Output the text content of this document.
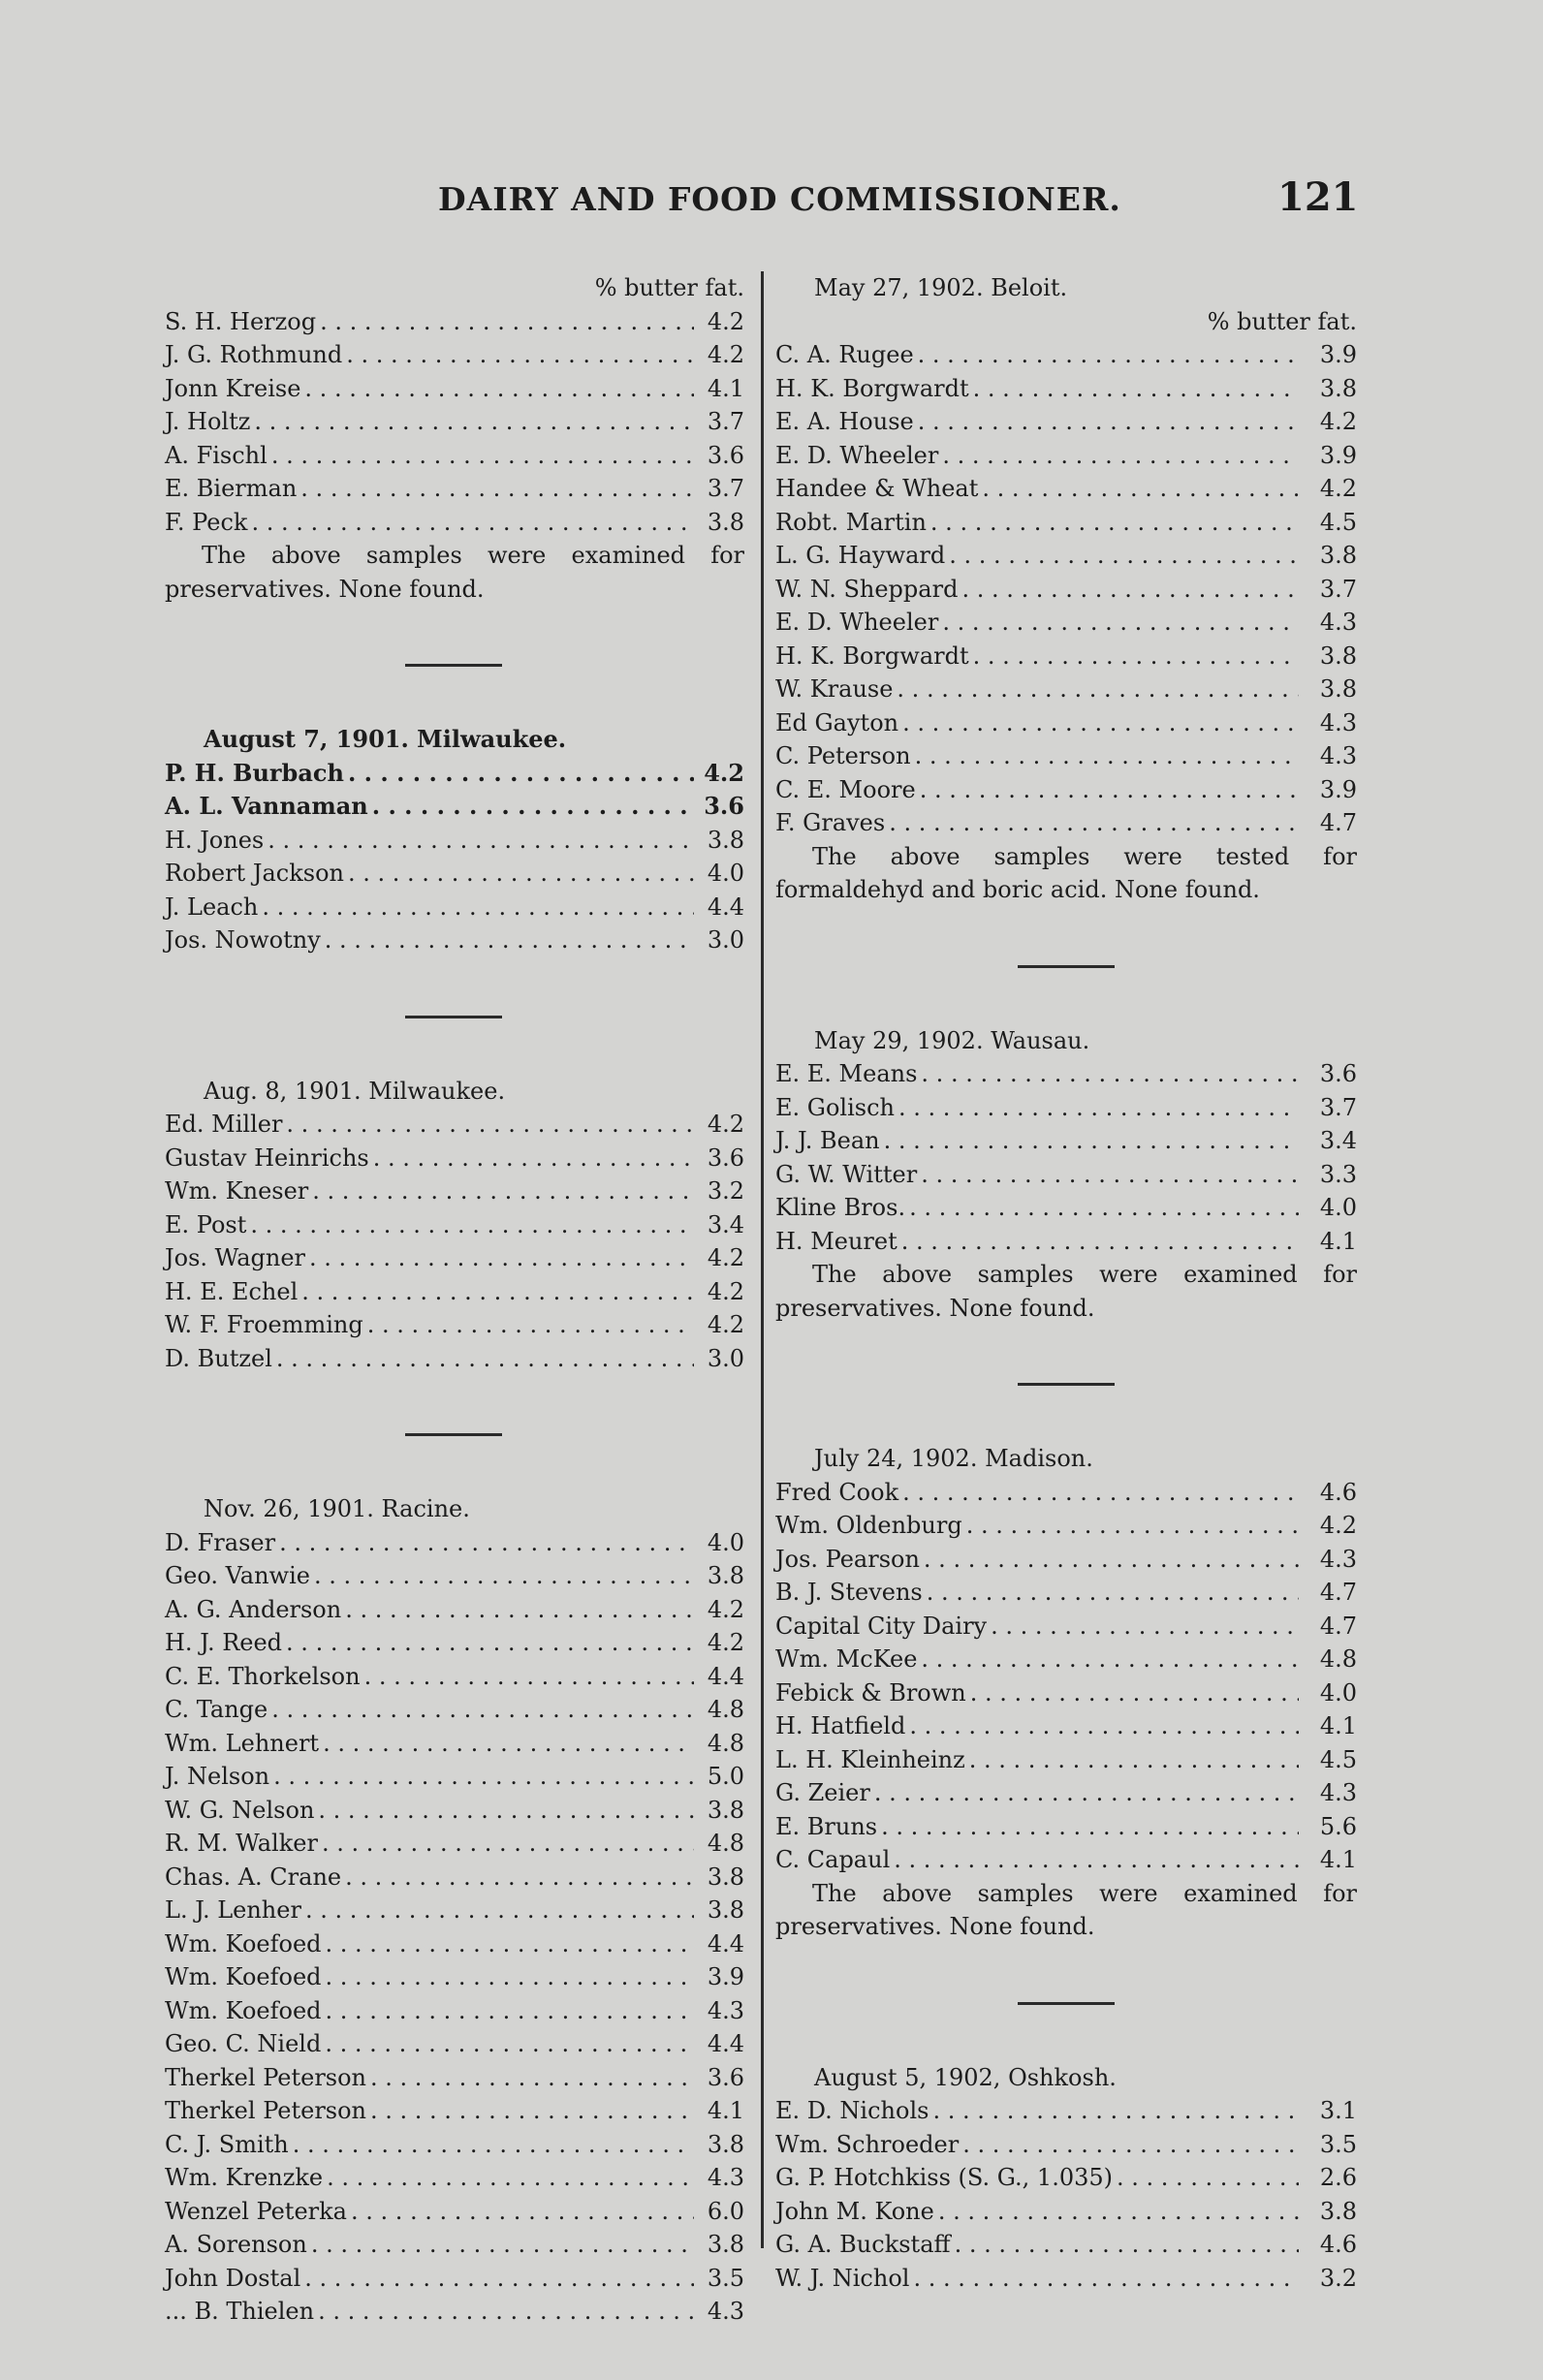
DAIRY AND FOOD COMMISSIONER.	121
% butter fat.
S. H. Herzog . . .	4.2
J. G. Rothmund . . .	4.2
Jonn Kreise . . .	4.1
J. Holtz . . .	3.7
A. Fischl . . .	3.6
E. Bierman . . .	3.7
F. Peck . . .	3.8
The above samples were examined for preservatives. None found.
August 7, 1901. Milwaukee.
P. H. Burbach . . .	4.2
A. L. Vannaman . . .	3.6
H. Jones . . .	3.8
Robert Jackson . . .	4.0
J. Leach . . .	4.4
Jos. Nowotny . . .	3.0
Aug. 8, 1901. Milwaukee.
Ed. Miller . . .	4.2
Gustav Heinrichs . . .	3.6
Wm. Kneser . . .	3.2
E. Post . . .	3.4
Jos. Wagner . . .	4.2
H. E. Echel . . .	4.2
W. F. Froemming . . .	4.2
D. Butzel . . .	3.0
Nov. 26, 1901. Racine.
D. Fraser . . .	4.0
Geo. Vanwie . . .	3.8
A. G. Anderson . . .	4.2
H. J. Reed . . .	4.2
C. E. Thorkelson . . .	4.4
C. Tange . . .	4.8
Wm. Lehnert . . .	4.8
J. Nelson . . .	5.0
W. G. Nelson . . .	3.8
R. M. Walker . . .	4.8
Chas. A. Crane . . .	3.8
L. J. Lenher . . .	3.8
Wm. Koefoed . . .	4.4
Wm. Koefoed . . .	3.9
Wm. Koefoed . . .	4.3
Geo. C. Nield . . .	4.4
Therkel Peterson . . .	3.6
Therkel Peterson . . .	4.1
C. J. Smith . . .	3.8
Wm. Krenzke . . .	4.3
Wenzel Peterka . . .	6.0
A. Sorenson . . .	3.8
John Dostal . . .	3.5
... B. Thielen . . .	4.3
May 27, 1902. Beloit.
% butter fat.
C. A. Rugee . . .	3.9
H. K. Borgwardt . . .	3.8
E. A. House . . .	4.2
E. D. Wheeler . . .	3.9
Handee & Wheat . . .	4.2
Robt. Martin . . .	4.5
L. G. Hayward . . .	3.8
W. N. Sheppard . . .	3.7
E. D. Wheeler . . .	4.3
H. K. Borgwardt . . .	3.8
W. Krause . . .	3.8
Ed Gayton . . .	4.3
C. Peterson . . .	4.3
C. E. Moore . . .	3.9
F. Graves . . .	4.7
The above samples were tested for formaldehyd and boric acid. None found.
May 29, 1902. Wausau.
E. E. Means . . .	3.6
E. Golisch . . .	3.7
J. J. Bean . . .	3.4
G. W. Witter . . .	3.3
Kline Bros. . . .	4.0
H. Meuret . . .	4.1
The above samples were examined for preservatives. None found.
July 24, 1902. Madison.
Fred Cook . . .	4.6
Wm. Oldenburg . . .	4.2
Jos. Pearson . . .	4.3
B. J. Stevens . . .	4.7
Capital City Dairy . . .	4.7
Wm. McKee . . .	4.8
Febick & Brown . . .	4.0
H. Hatfield . . .	4.1
L. H. Kleinheinz . . .	4.5
G. Zeier . . .	4.3
E. Bruns . . .	5.6
C. Capaul . . .	4.1
The above samples were examined for preservatives. None found.
August 5, 1902, Oshkosh.
E. D. Nichols . . .	3.1
Wm. Schroeder . . .	3.5
G. P. Hotchkiss (S. G., 1.035) . . .	2.6
John M. Kone . . .	3.8
G. A. Buckstaff . . .	4.6
W. J. Nichol . . .	3.2
